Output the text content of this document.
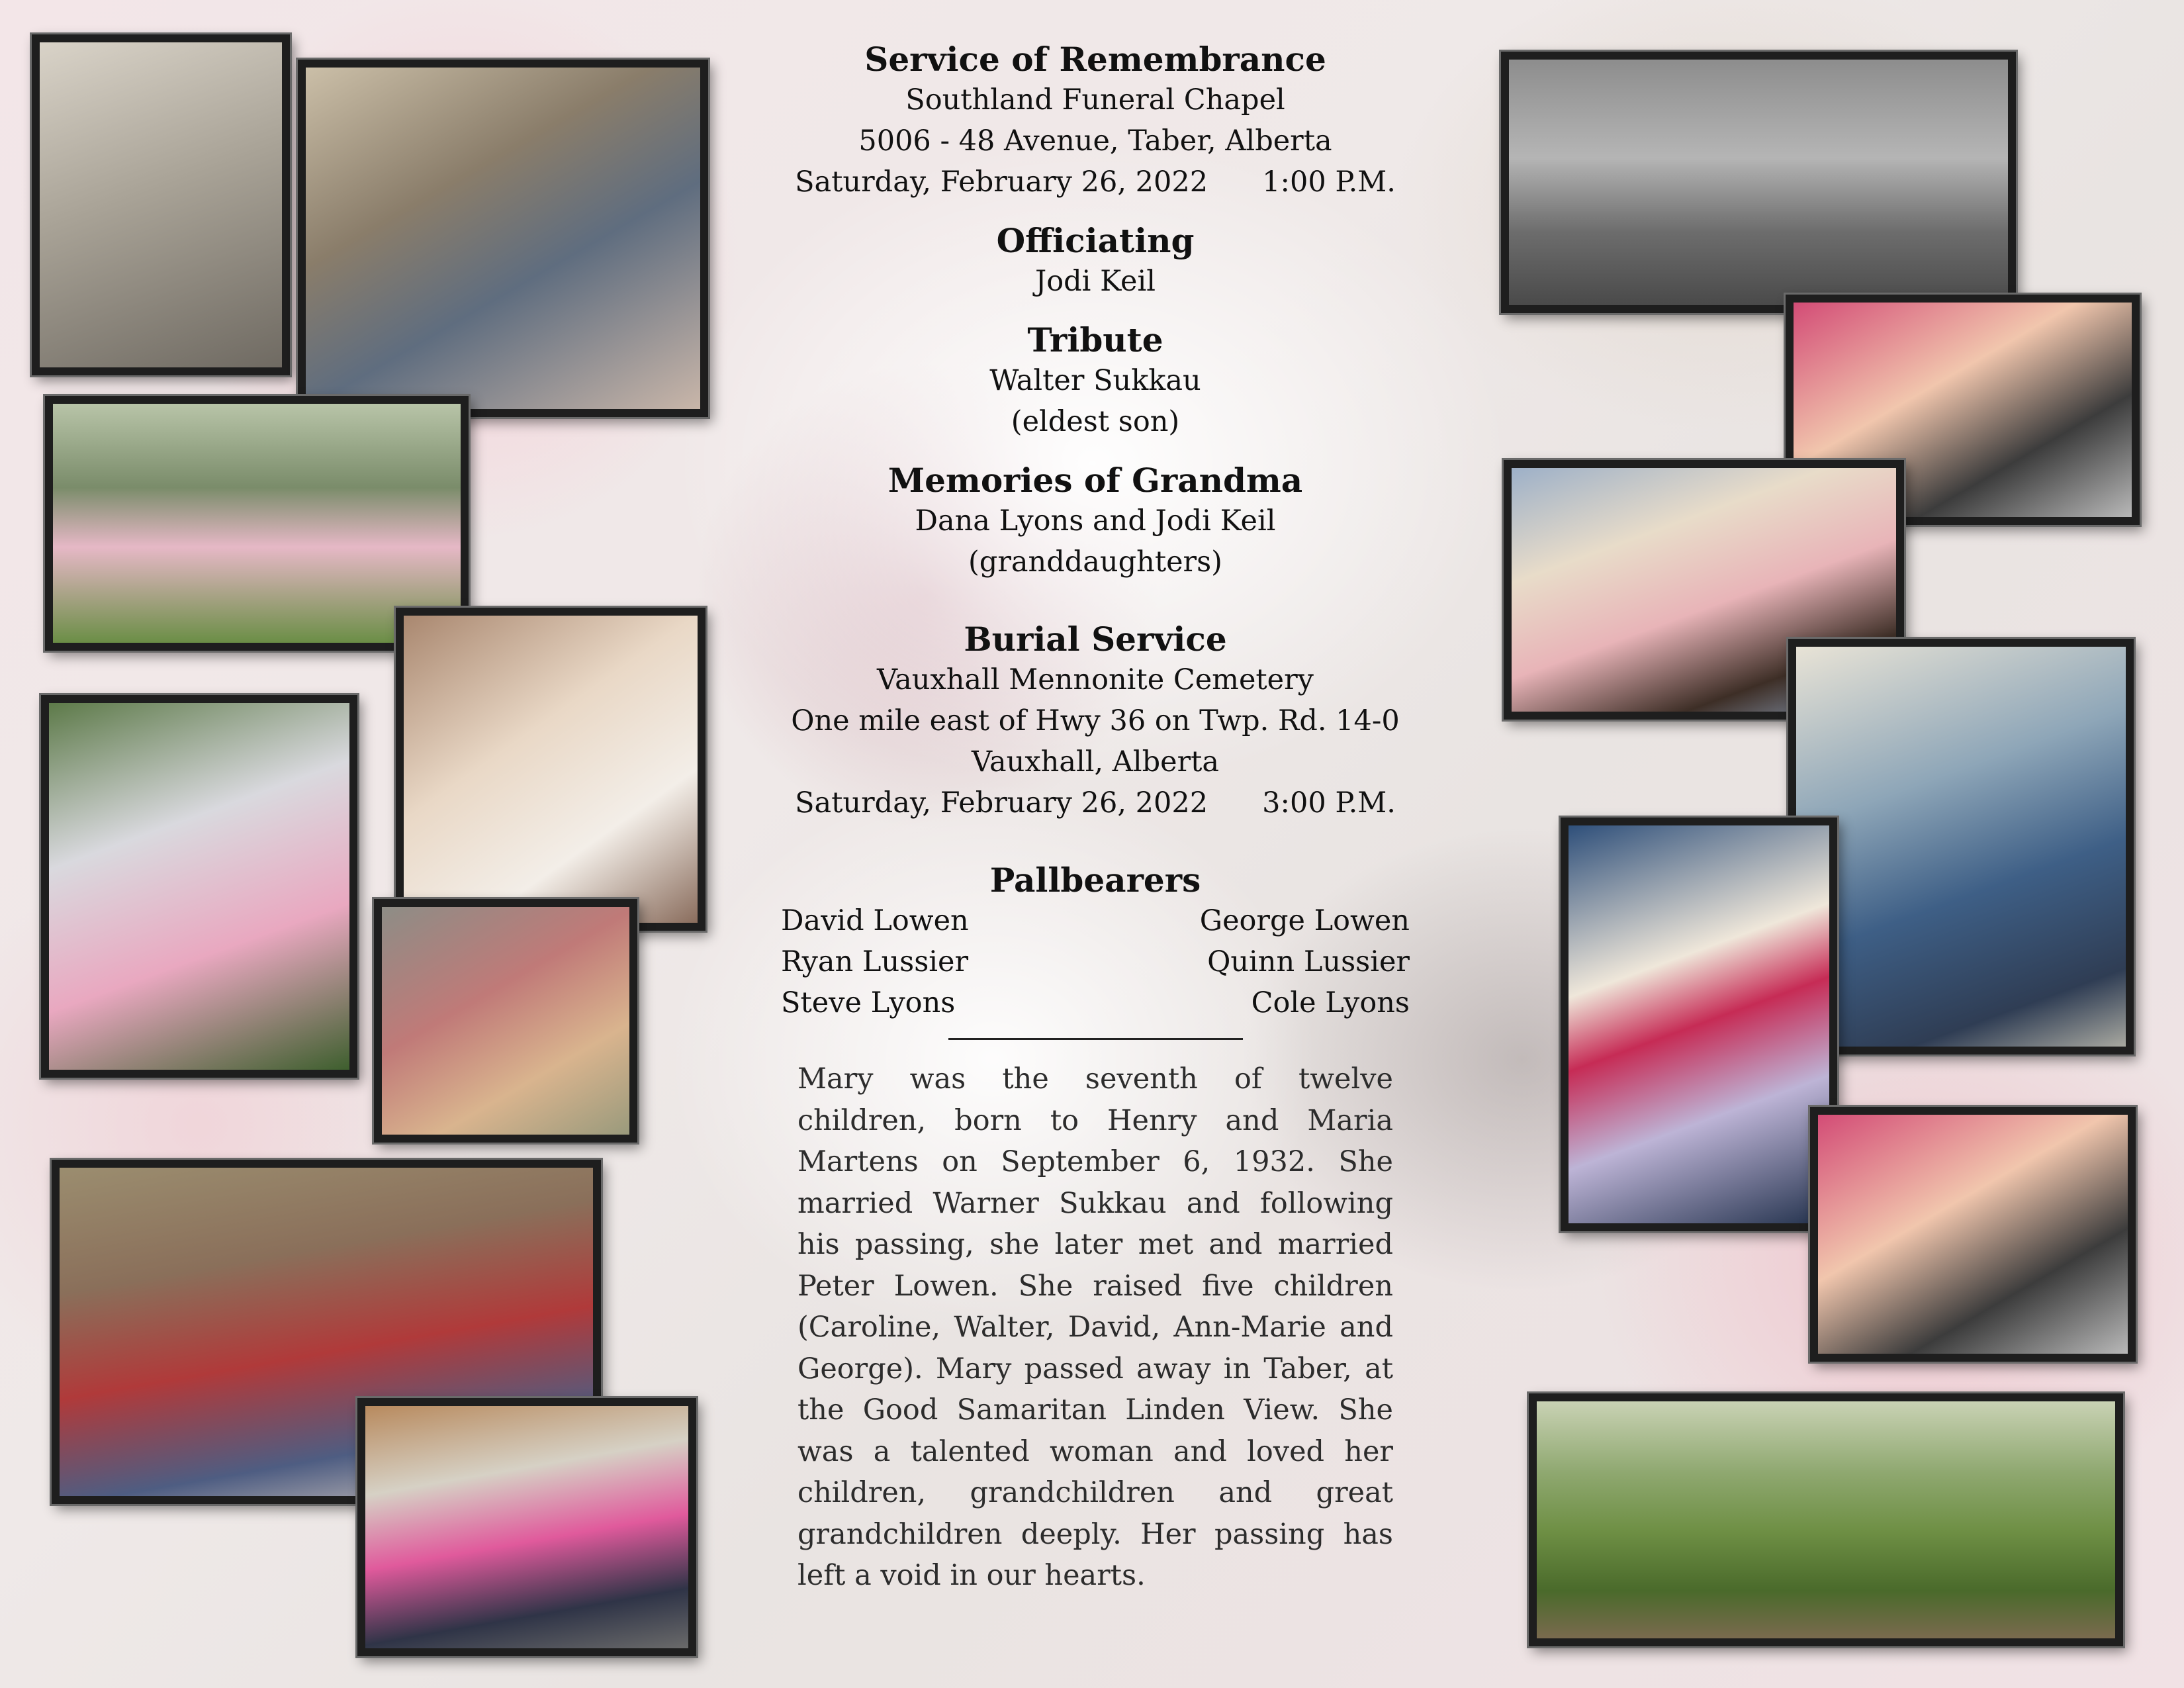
Service of Remembrance
Southland Funeral Chapel
5006 - 48 Avenue, Taber, Alberta
Saturday, February 26, 2022      1:00 P.M.
Officiating
Jodi Keil
Tribute
Walter Sukkau
(eldest son)
Memories of Grandma
Dana Lyons and Jodi Keil
(granddaughters)
Burial Service
Vauxhall Mennonite Cemetery
One mile east of Hwy 36 on Twp. Rd. 14-0
Vauxhall, Alberta
Saturday, February 26, 2022      3:00 P.M.
Pallbearers
David Lowen
Ryan Lussier
Steve Lyons
George Lowen
Quinn Lussier
Cole Lyons
Mary was the seventh of twelve children, born to Henry and Maria Martens on September 6, 1932. She married Warner Sukkau and following his passing, she later met and married Peter Lowen. She raised five children (Caroline, Walter, David, Ann-Marie and George). Mary passed away in Taber, at the Good Samaritan Linden View. She was a talented woman and loved her children, grandchildren and great grandchildren deeply. Her passing has left a void in our hearts.
